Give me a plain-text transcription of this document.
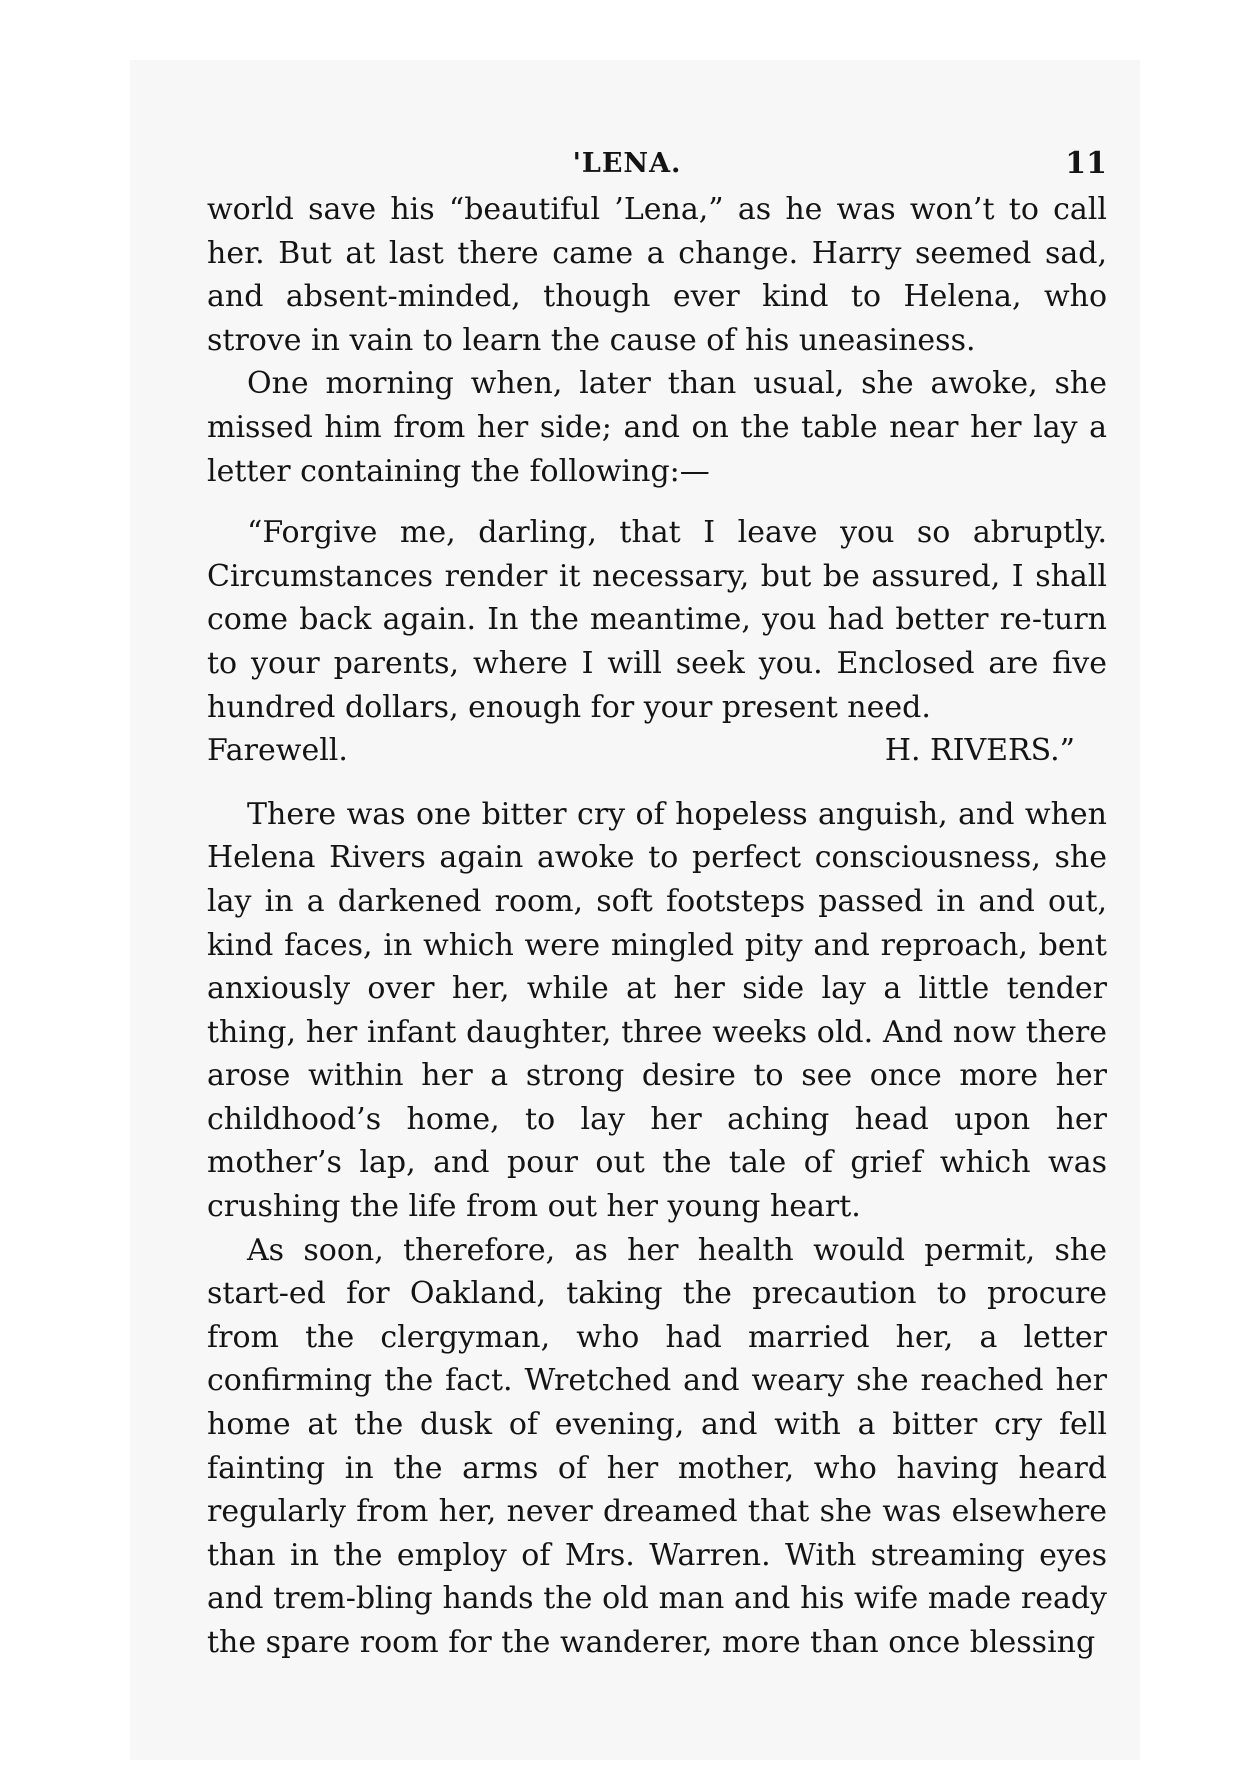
'LENA.	11

world save his “beautiful ’Lena,” as he was won’t to call her. But at last there came a change. Harry seemed sad, and absent-minded, though ever kind to Helena, who strove in vain to learn the cause of his uneasiness.

One morning when, later than usual, she awoke, she missed him from her side; and on the table near her lay a letter containing the following:—

“Forgive me, darling, that I leave you so abruptly. Circumstances render it necessary, but be assured, I shall come back again. In the meantime, you had better re-turn to your parents, where I will seek you. Enclosed are five hundred dollars, enough for your present need.

Farewell.	H. RIVERS.”

There was one bitter cry of hopeless anguish, and when Helena Rivers again awoke to perfect consciousness, she lay in a darkened room, soft footsteps passed in and out, kind faces, in which were mingled pity and reproach, bent anxiously over her, while at her side lay a little tender thing, her infant daughter, three weeks old. And now there arose within her a strong desire to see once more her childhood’s home, to lay her aching head upon her mother’s lap, and pour out the tale of grief which was crushing the life from out her young heart.

As soon, therefore, as her health would permit, she start-ed for Oakland, taking the precaution to procure from the clergyman, who had married her, a letter confirming the fact. Wretched and weary she reached her home at the dusk of evening, and with a bitter cry fell fainting in the arms of her mother, who having heard regularly from her, never dreamed that she was elsewhere than in the employ of Mrs. Warren. With streaming eyes and trem-bling hands the old man and his wife made ready the spare room for the wanderer, more than once blessing
